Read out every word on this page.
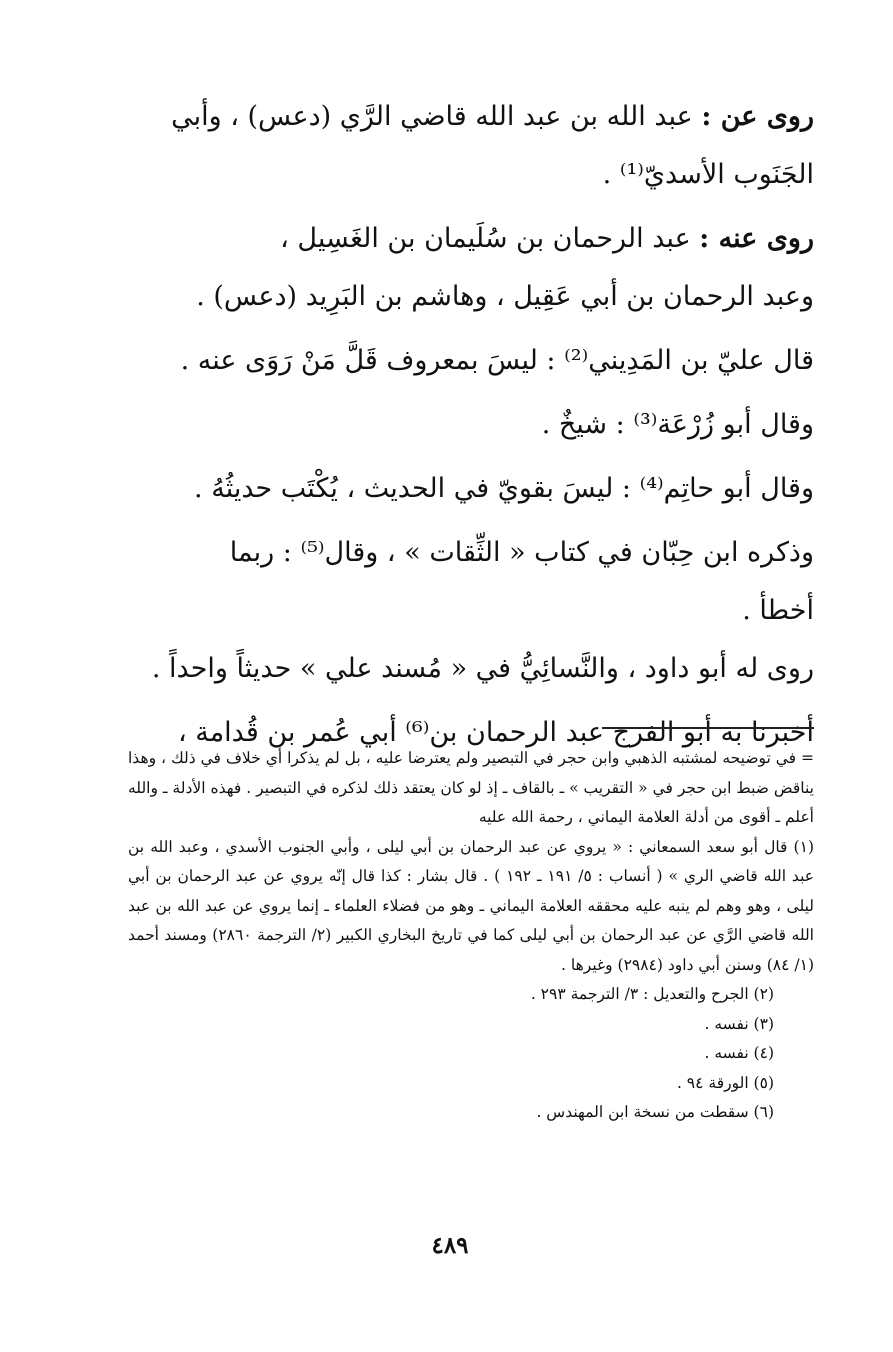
روى عن : عبد الله بن عبد الله قاضي الرَّي (دعس) ، وأبي
الجَنَوب الأسديّ⁽¹⁾ .

روى عنه : عبد الرحمان بن سُلَيمان بن الغَسِيل ،
وعبد الرحمان بن أبي عَقِيل ، وهاشم بن البَرِيد (دعس) .

قال عليّ بن المَدِيني⁽²⁾ : ليسَ بمعروف قَلَّ مَنْ رَوَى عنه .

وقال أبو زُرْعَة⁽³⁾ : شيخٌ .

وقال أبو حاتِم⁽⁴⁾ : ليسَ بقويّ في الحديث ، يُكْتَب حديثُهُ .

وذكره ابن حِبّان في كتاب « الثِّقات » ، وقال⁽⁵⁾ : ربما
أخطأ .

روى له أبو داود ، والنَّسائِيُّ في « مُسند علي » حديثاً واحداً .

أخبرنا به أبو الفرج عبد الرحمان بن⁽⁶⁾ أبي عُمر بن قُدامة ،

= في توضيحه لمشتبه الذهبي وابن حجر في التبصير ولم يعترضا عليه ، بل لم يذكرا أي خلاف في ذلك ، وهذا يناقض ضبط ابن حجر في « التقريب » ـ بالقاف ـ إذ لو كان يعتقد ذلك لذكره في التبصير . فهذه الأدلة ـ والله أعلم ـ أقوى من أدلة العلامة اليماني ، رحمة الله عليه

(١) قال أبو سعد السمعاني : « يروي عن عبد الرحمان بن أبي ليلى ، وأبي الجنوب الأسدي ، وعبد الله بن عبد الله قاضي الري » ( أنساب : ٥/ ١٩١ ـ ١٩٢ ) . قال بشار : كذا قال إنّه يروي عن عبد الرحمان بن أبي ليلى ، وهو وهم لم ينبه عليه محققه العلامة اليماني ـ وهو من فضلاء العلماء ـ إنما يروي عن عبد الله بن عبد الله قاضي الرَّي عن عبد الرحمان بن أبي ليلى كما في تاريخ البخاري الكبير (٢/ الترجمة ٢٨٦٠) ومسند أحمد (١/ ٨٤) وسنن أبي داود (٢٩٨٤) وغيرها .

(٢) الجرح والتعديل : ٣/ الترجمة ٢٩٣ .

(٣) نفسه .

(٤) نفسه .

(٥) الورقة ٩٤ .

(٦) سقطت من نسخة ابن المهندس .

٤٨٩
